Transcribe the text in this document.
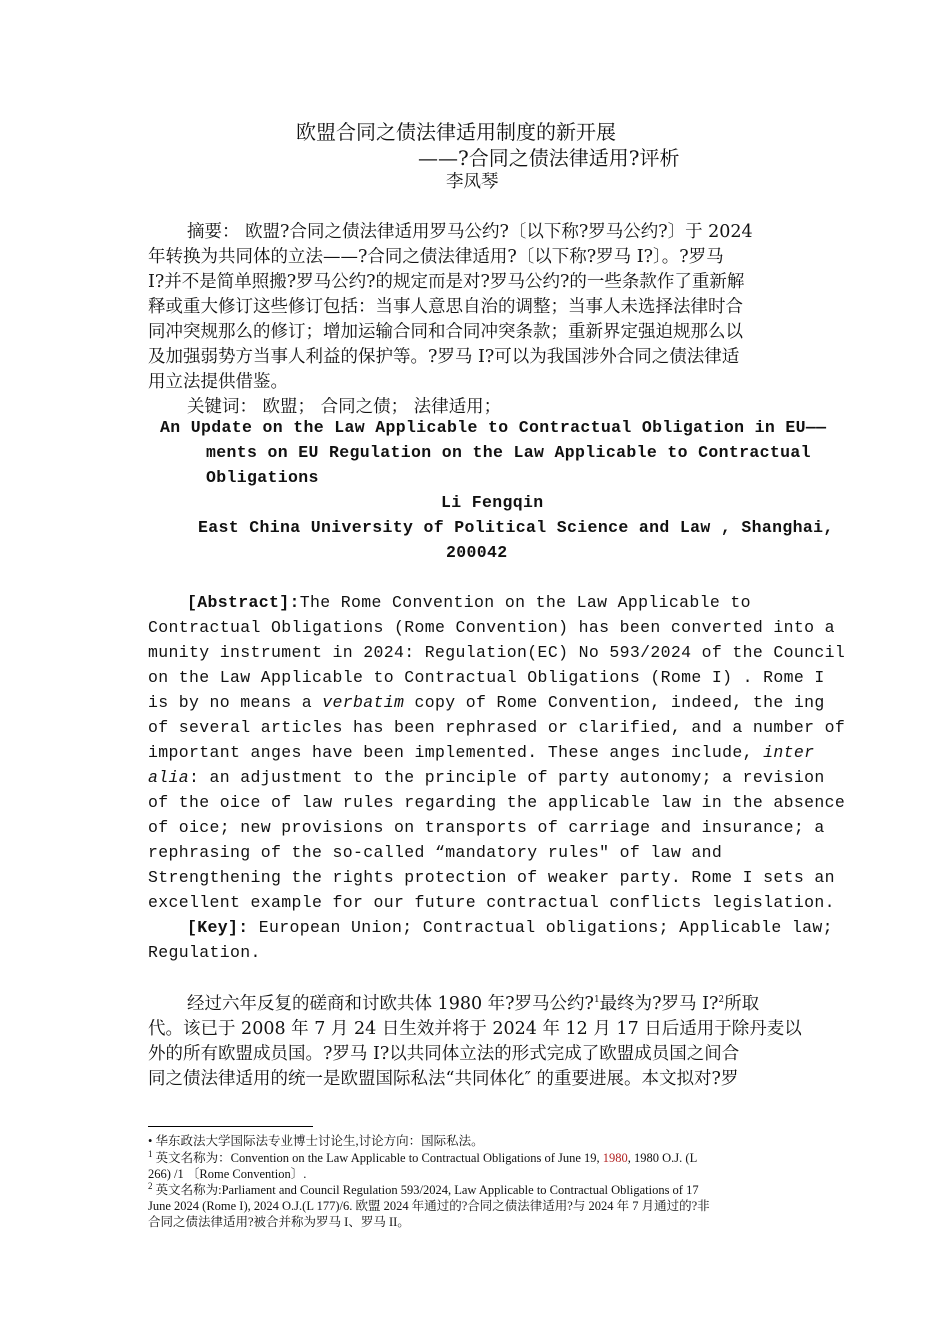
欧盟合同之债法律适用制度的新开展
——?合同之债法律适用?评析
李凤琴
摘要： 欧盟?合同之债法律适用罗马公约?〔以下称?罗马公约?〕于 2024
年转换为共同体的立法——?合同之债法律适用?〔以下称?罗马 I?〕。?罗马
I?并不是简单照搬?罗马公约?的规定而是对?罗马公约?的一些条款作了重新解
释或重大修订这些修订包括：当事人意思自治的调整；当事人未选择法律时合
同冲突规那么的修订；增加运输合同和合同冲突条款；重新界定强迫规那么以
及加强弱势方当事人利益的保护等。?罗马 I?可以为我国涉外合同之债法律适
用立法提供借鉴。
关键词： 欧盟； 合同之债； 法律适用；
An Update on the Law Applicable to Contractual Obligation in EU——
ments on EU Regulation on the Law Applicable to Contractual
Obligations
Li Fengqin
East China University of Political Science and Law , Shanghai,
200042
[Abstract]:The Rome Convention on the Law Applicable to
Contractual Obligations (Rome Convention) has been converted into a
munity instrument in 2024: Regulation(EC) No 593/2024 of the Council
on the Law Applicable to Contractual Obligations (Rome I) . Rome I
is by no means a verbatim copy of Rome Convention, indeed, the ing
of several articles has been rephrased or clarified, and a number of
important anges have been implemented. These anges include, inter
alia: an adjustment to the principle of party autonomy; a revision
of the oice of law rules regarding the applicable law in the absence
of oice; new provisions on transports of carriage and insurance; a
rephrasing of the so-called “mandatory rules″ of law and
Strengthening the rights protection of weaker party. Rome I sets an
excellent example for our future contractual conflicts legislation.
[Key]: European Union; Contractual obligations; Applicable law;
Regulation.
经过六年反复的磋商和讨欧共体 1980 年?罗马公约?$^1$最终为?罗马 I?$^2$所取
代。该已于 2008 年 7 月 24 日生效并将于 2024 年 12 月 17 日后适用于除丹麦以
外的所有欧盟成员国。?罗马 I?以共同体立法的形式完成了欧盟成员国之间合
同之债法律适用的统一是欧盟国际私法“共同体化″ 的重要进展。本文拟对?罗
• 华东政法大学国际法专业博士讨论生,讨论方向：国际私法。
$^1$ 英文名称为：Convention on the Law Applicable to Contractual Obligations of June 19, 1980, 1980 O.J. (L
266) /1 〔Rome Convention〕.
$^2$ 英文名称为:Parliament and Council Regulation 593/2024, Law Applicable to Contractual Obligations of 17
June 2024 (Rome I), 2024 O.J.(L 177)/6. 欧盟 2024 年通过的?合同之债法律适用?与 2024 年 7 月通过的?非
合同之债法律适用?被合并称为罗马 I、罗马 II。
